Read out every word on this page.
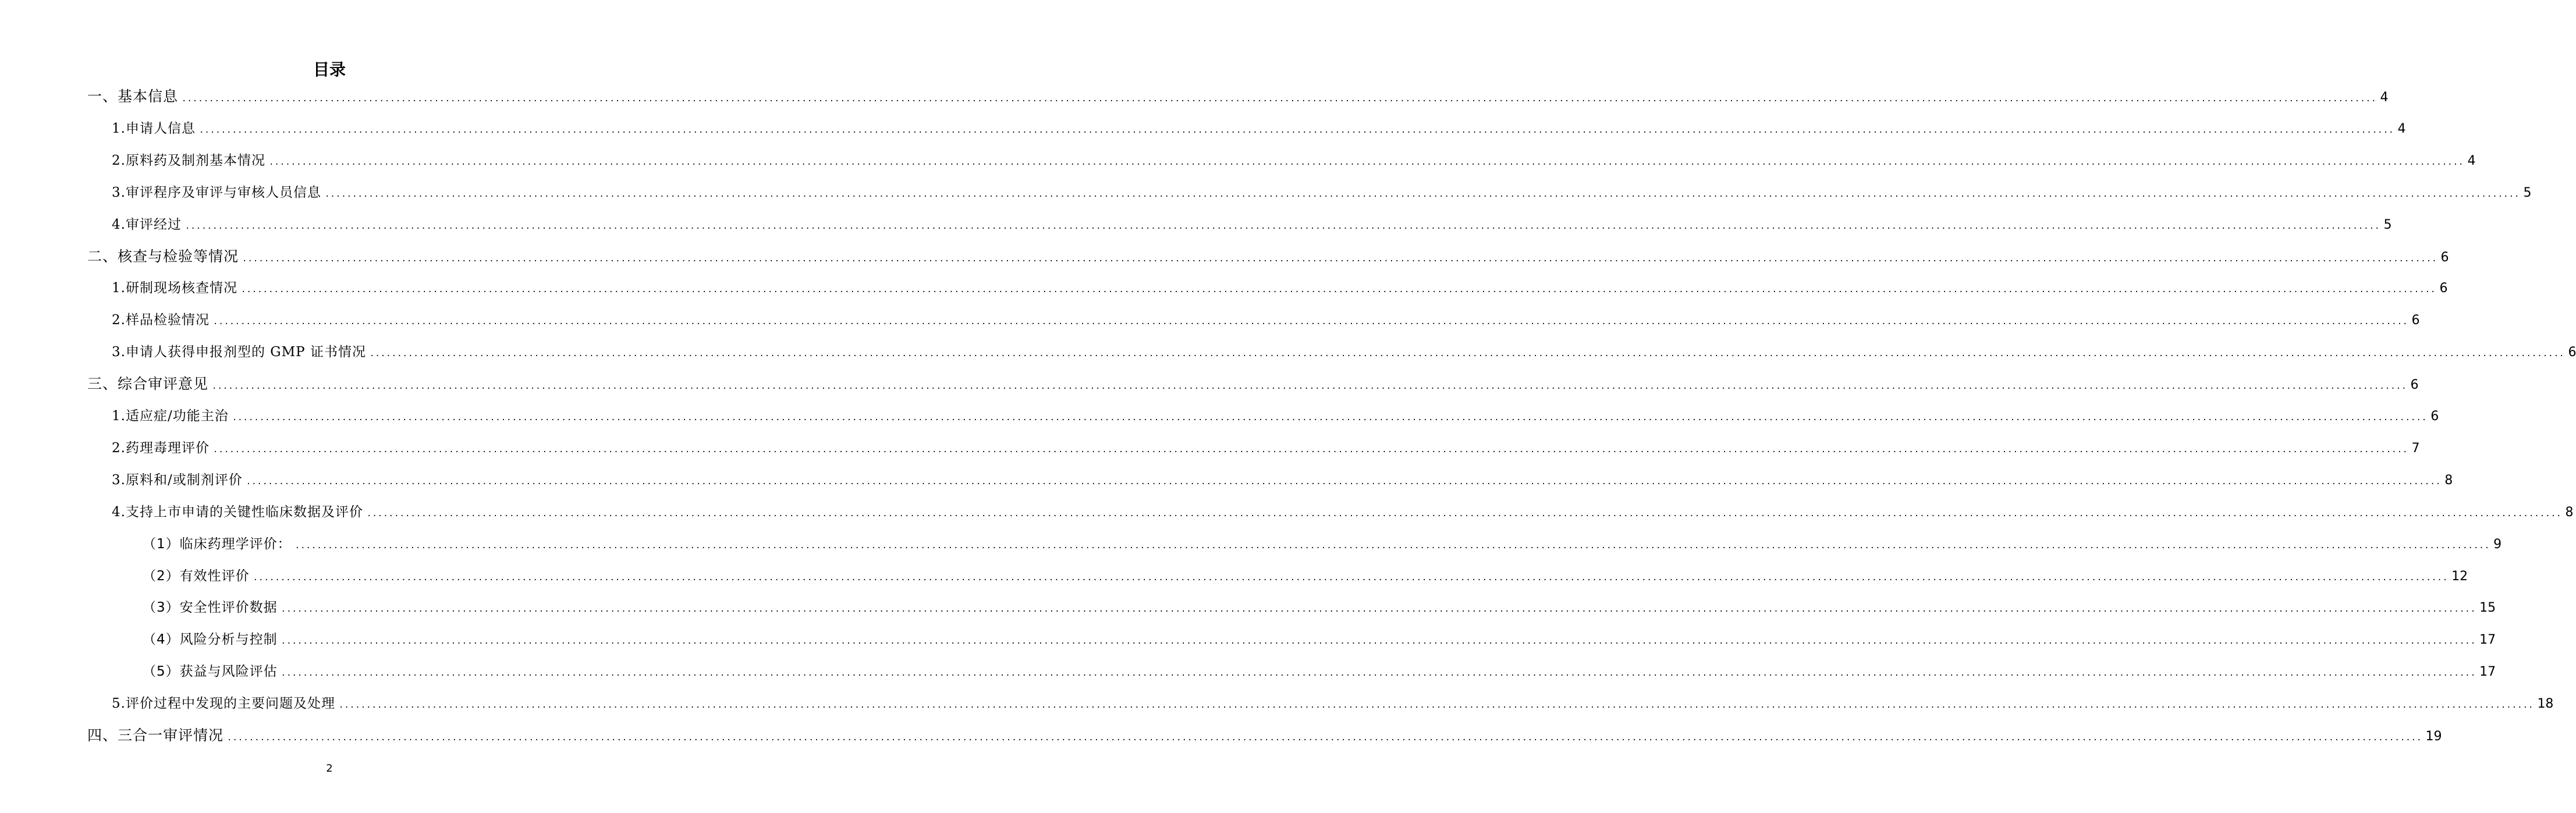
目录
一、基本信息 ................................................................................................................................................................................................................................................................................................................................................................................................................ 4
1.申请人信息 ................................................................................................................................................................................................................................................................................................................................................................................................................ 4
2.原料药及制剂基本情况 ................................................................................................................................................................................................................................................................................................................................................................................................................ 4
3.审评程序及审评与审核人员信息 ................................................................................................................................................................................................................................................................................................................................................................................................................ 5
4.审评经过 ................................................................................................................................................................................................................................................................................................................................................................................................................ 5
二、核查与检验等情况 ................................................................................................................................................................................................................................................................................................................................................................................................................ 6
1.研制现场核查情况 ................................................................................................................................................................................................................................................................................................................................................................................................................ 6
2.样品检验情况 ................................................................................................................................................................................................................................................................................................................................................................................................................ 6
3.申请人获得申报剂型的 GMP 证书情况 ................................................................................................................................................................................................................................................................................................................................................................................................................ 6
三、综合审评意见 ................................................................................................................................................................................................................................................................................................................................................................................................................ 6
1.适应症/功能主治 ................................................................................................................................................................................................................................................................................................................................................................................................................ 6
2.药理毒理评价 ................................................................................................................................................................................................................................................................................................................................................................................................................ 7
3.原料和/或制剂评价 ................................................................................................................................................................................................................................................................................................................................................................................................................ 8
4.支持上市申请的关键性临床数据及评价 ................................................................................................................................................................................................................................................................................................................................................................................................................ 8
（1）临床药理学评价： ................................................................................................................................................................................................................................................................................................................................................................................................................ 9
（2）有效性评价 ................................................................................................................................................................................................................................................................................................................................................................................................................ 12
（3）安全性评价数据 ................................................................................................................................................................................................................................................................................................................................................................................................................ 15
（4）风险分析与控制 ................................................................................................................................................................................................................................................................................................................................................................................................................ 17
（5）获益与风险评估 ................................................................................................................................................................................................................................................................................................................................................................................................................ 17
5.评价过程中发现的主要问题及处理 ................................................................................................................................................................................................................................................................................................................................................................................................................ 18
四、三合一审评情况 ................................................................................................................................................................................................................................................................................................................................................................................................................ 19
2
